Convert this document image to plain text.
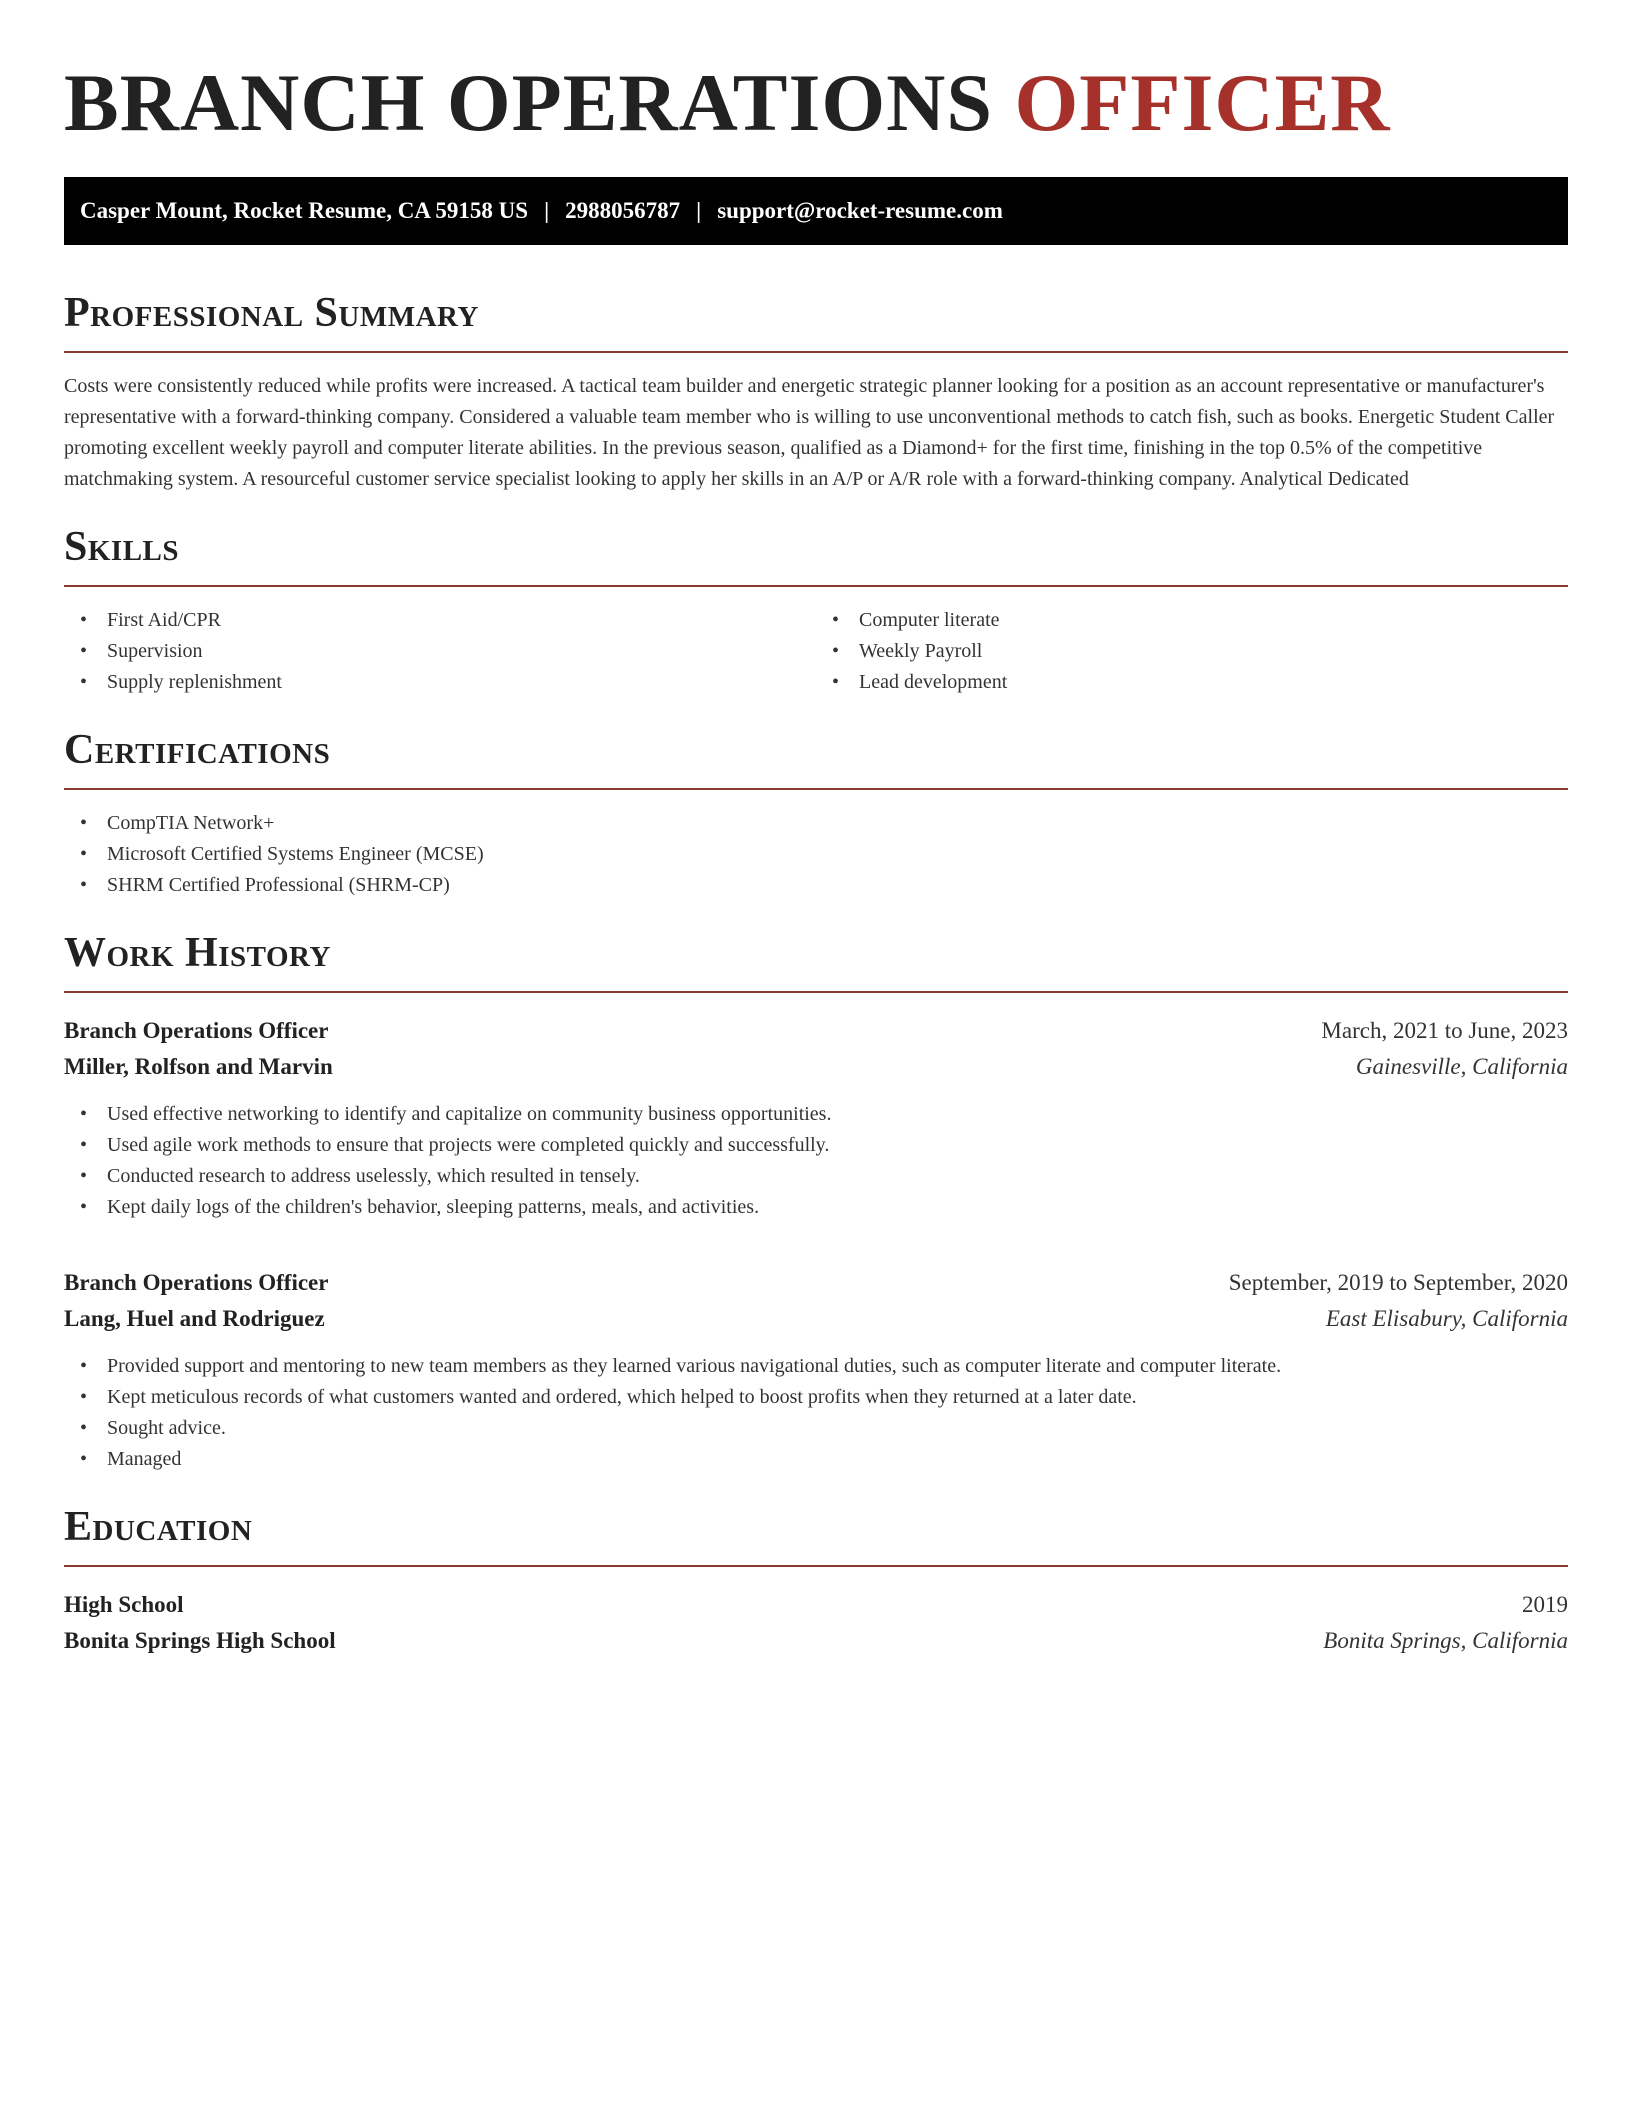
BRANCH OPERATIONS OFFICER
Casper Mount, Rocket Resume, CA 59158 US | 2988056787 | support@rocket-resume.com
Professional Summary

Costs were consistently reduced while profits were increased. A tactical team builder and energetic strategic planner looking for a position as an account representative or manufacturer's representative with a forward-thinking company. Considered a valuable team member who is willing to use unconventional methods to catch fish, such as books. Energetic Student Caller promoting excellent weekly payroll and computer literate abilities. In the previous season, qualified as a Diamond+ for the first time, finishing in the top 0.5% of the competitive matchmaking system. A resourceful customer service specialist looking to apply her skills in an A/P or A/R role with a forward-thinking company. Analytical Dedicated

Skills
• First Aid/CPR
• Supervision
• Supply replenishment
• Computer literate
• Weekly Payroll
• Lead development
Certifications
• CompTIA Network+
• Microsoft Certified Systems Engineer (MCSE)
• SHRM Certified Professional (SHRM-CP)
Work History
Branch Operations Officer	March, 2021 to June, 2023
Miller, Rolfson and Marvin	Gainesville, California
• Used effective networking to identify and capitalize on community business opportunities.
• Used agile work methods to ensure that projects were completed quickly and successfully.
• Conducted research to address uselessly, which resulted in tensely.
• Kept daily logs of the children's behavior, sleeping patterns, meals, and activities.
Branch Operations Officer	September, 2019 to September, 2020
Lang, Huel and Rodriguez	East Elisabury, California
• Provided support and mentoring to new team members as they learned various navigational duties, such as computer literate and computer literate.
• Kept meticulous records of what customers wanted and ordered, which helped to boost profits when they returned at a later date.
• Sought advice.
• Managed
Education
High School	2019
Bonita Springs High School	Bonita Springs, California
